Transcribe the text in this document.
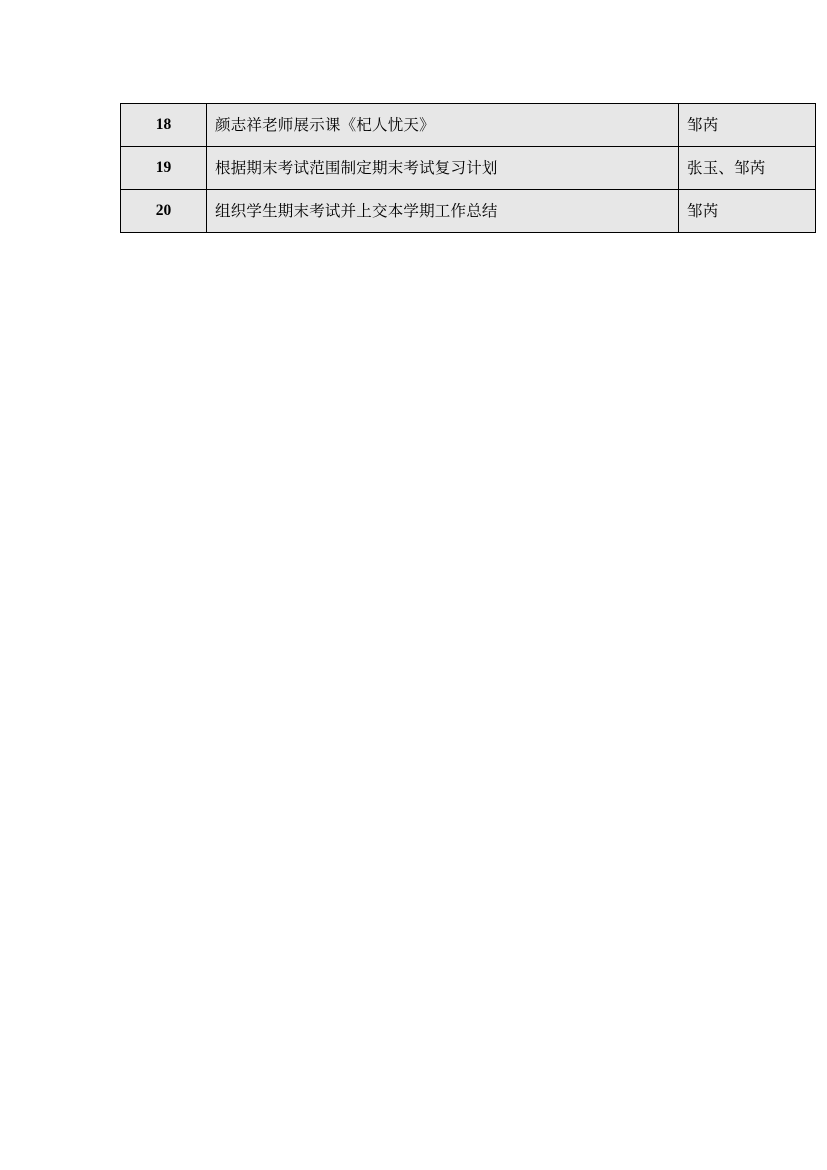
18	颜志祥老师展示课《杞人忧天》	邹芮
19	根据期末考试范围制定期末考试复习计划	张玉、邹芮
20	组织学生期末考试并上交本学期工作总结	邹芮
